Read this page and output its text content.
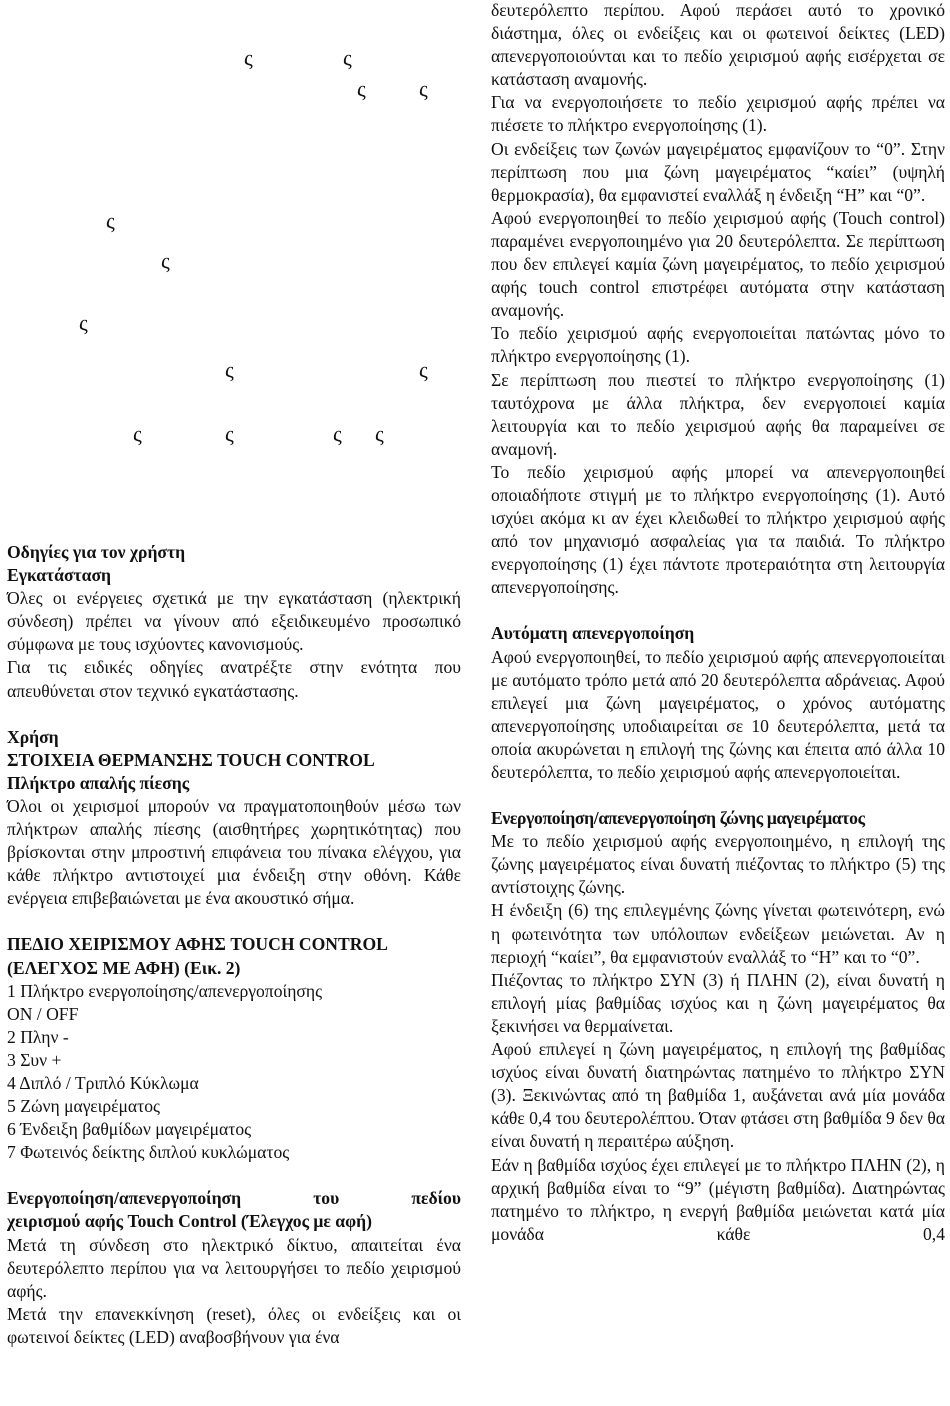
ς	ς
ς ς
ς
ς
ς
ς	ς
ς	ς	ς ς

Οδηγίες για τον χρήστη

Εγκατάσταση

Όλες οι ενέργειες σχετικά με την εγκατάσταση (ηλεκτρική σύνδεση) πρέπει να γίνουν από εξειδικευμένο προσωπικό σύμφωνα με τους ισχύοντες κανονισμούς.

Για τις ειδικές οδηγίες ανατρέξτε στην ενότητα που απευθύνεται στον τεχνικό εγκατάστασης.

Χρήση

ΣΤΟΙΧΕΙΑ ΘΕΡΜΑΝΣΗΣ TOUCH CONTROL

Πλήκτρο απαλής πίεσης

Όλοι οι χειρισμοί μπορούν να πραγματοποιηθούν μέσω των πλήκτρων απαλής πίεσης (αισθητήρες χωρητικότητας) που βρίσκονται στην μπροστινή επιφάνεια του πίνακα ελέγχου, για κάθε πλήκτρο αντιστοιχεί μια ένδειξη στην οθόνη. Κάθε ενέργεια επιβεβαιώνεται με ένα ακουστικό σήμα.

ΠΕΔΙΟ ΧΕΙΡΙΣΜΟΥ ΑΦΗΣ TOUCH CONTROL (ΕΛΕΓΧΟΣ ΜΕ ΑΦΗ) (Εικ. 2)

1 Πλήκτρο ενεργοποίησης/απενεργοποίησης

ON / OFF

2 Πλην -

3 Συν +

4 Διπλό / Τριπλό Κύκλωμα

5 Ζώνη μαγειρέματος

6 Ένδειξη βαθμίδων μαγειρέματος

7 Φωτεινός δείκτης διπλού κυκλώματος

Ενεργοποίηση/απενεργοποίηση του πεδίου

χειρισμού αφής Touch Control (Έλεγχος με αφή)

Μετά τη σύνδεση στο ηλεκτρικό δίκτυο, απαιτείται ένα δευτερόλεπτο περίπου για να λειτουργήσει το πεδίο χειρισμού αφής.

Μετά την επανεκκίνηση (reset), όλες οι ενδείξεις και οι φωτεινοί δείκτες (LED) αναβοσβήνουν για ένα

δευτερόλεπτο περίπου. Αφού περάσει αυτό το χρονικό διάστημα, όλες οι ενδείξεις και οι φωτεινοί δείκτες (LED) απενεργοποιούνται και το πεδίο χειρισμού αφής εισέρχεται σε κατάσταση αναμονής.

Για να ενεργοποιήσετε το πεδίο χειρισμού αφής πρέπει να πιέσετε το πλήκτρο ενεργοποίησης (1).

Οι ενδείξεις των ζωνών μαγειρέματος εμφανίζουν το “0”. Στην περίπτωση που μια ζώνη μαγειρέματος “καίει” (υψηλή θερμοκρασία), θα εμφανιστεί εναλλάξ η ένδειξη “H” και “0”.

Αφού ενεργοποιηθεί το πεδίο χειρισμού αφής (Touch control) παραμένει ενεργοποιημένο για 20 δευτερόλεπτα. Σε περίπτωση που δεν επιλεγεί καμία ζώνη μαγειρέματος, το πεδίο χειρισμού αφής touch control επιστρέφει αυτόματα στην κατάσταση αναμονής.

Το πεδίο χειρισμού αφής ενεργοποιείται πατώντας μόνο το πλήκτρο ενεργοποίησης (1).

Σε περίπτωση που πιεστεί το πλήκτρο ενεργοποίησης (1) ταυτόχρονα με άλλα πλήκτρα, δεν ενεργοποιεί καμία λειτουργία και το πεδίο χειρισμού αφής θα παραμείνει σε αναμονή.

Το πεδίο χειρισμού αφής μπορεί να απενεργοποιηθεί οποιαδήποτε στιγμή με το πλήκτρο ενεργοποίησης (1). Αυτό ισχύει ακόμα κι αν έχει κλειδωθεί το πλήκτρο χειρισμού αφής από τον μηχανισμό ασφαλείας για τα παιδιά. Το πλήκτρο ενεργοποίησης (1) έχει πάντοτε προτεραιότητα στη λειτουργία απενεργοποίησης.

Αυτόματη απενεργοποίηση

Αφού ενεργοποιηθεί, το πεδίο χειρισμού αφής απενεργοποιείται με αυτόματο τρόπο μετά από 20 δευτερόλεπτα αδράνειας. Αφού επιλεγεί μια ζώνη μαγειρέματος, ο χρόνος αυτόματης απενεργοποίησης υποδιαιρείται σε 10 δευτερόλεπτα, μετά τα οποία ακυρώνεται η επιλογή της ζώνης και έπειτα από άλλα 10 δευτερόλεπτα, το πεδίο χειρισμού αφής απενεργοποιείται.

Ενεργοποίηση/απενεργοποίηση ζώνης μαγειρέματος

Με το πεδίο χειρισμού αφής ενεργοποιημένο, η επιλογή της ζώνης μαγειρέματος είναι δυνατή πιέζοντας το πλήκτρο (5) της αντίστοιχης ζώνης.

Η ένδειξη (6) της επιλεγμένης ζώνης γίνεται φωτεινότερη, ενώ η φωτεινότητα των υπόλοιπων ενδείξεων μειώνεται. Αν η περιοχή “καίει”, θα εμφανιστούν εναλλάξ το “H” και το “0”.

Πιέζοντας το πλήκτρο ΣΥΝ (3) ή ΠΛΗΝ (2), είναι δυνατή η επιλογή μίας βαθμίδας ισχύος και η ζώνη μαγειρέματος θα ξεκινήσει να θερμαίνεται.

Αφού επιλεγεί η ζώνη μαγειρέματος, η επιλογή της βαθμίδας ισχύος είναι δυνατή διατηρώντας πατημένο το πλήκτρο ΣΥΝ (3). Ξεκινώντας από τη βαθμίδα 1, αυξάνεται ανά μία μονάδα κάθε 0,4 του δευτερολέπτου. Όταν φτάσει στη βαθμίδα 9 δεν θα είναι δυνατή η περαιτέρω αύξηση.

Εάν η βαθμίδα ισχύος έχει επιλεγεί με το πλήκτρο ΠΛΗΝ (2), η αρχική βαθμίδα είναι το “9” (μέγιστη βαθμίδα). Διατηρώντας πατημένο το πλήκτρο, η ενεργή βαθμίδα μειώνεται κατά μία μονάδα κάθε 0,4
